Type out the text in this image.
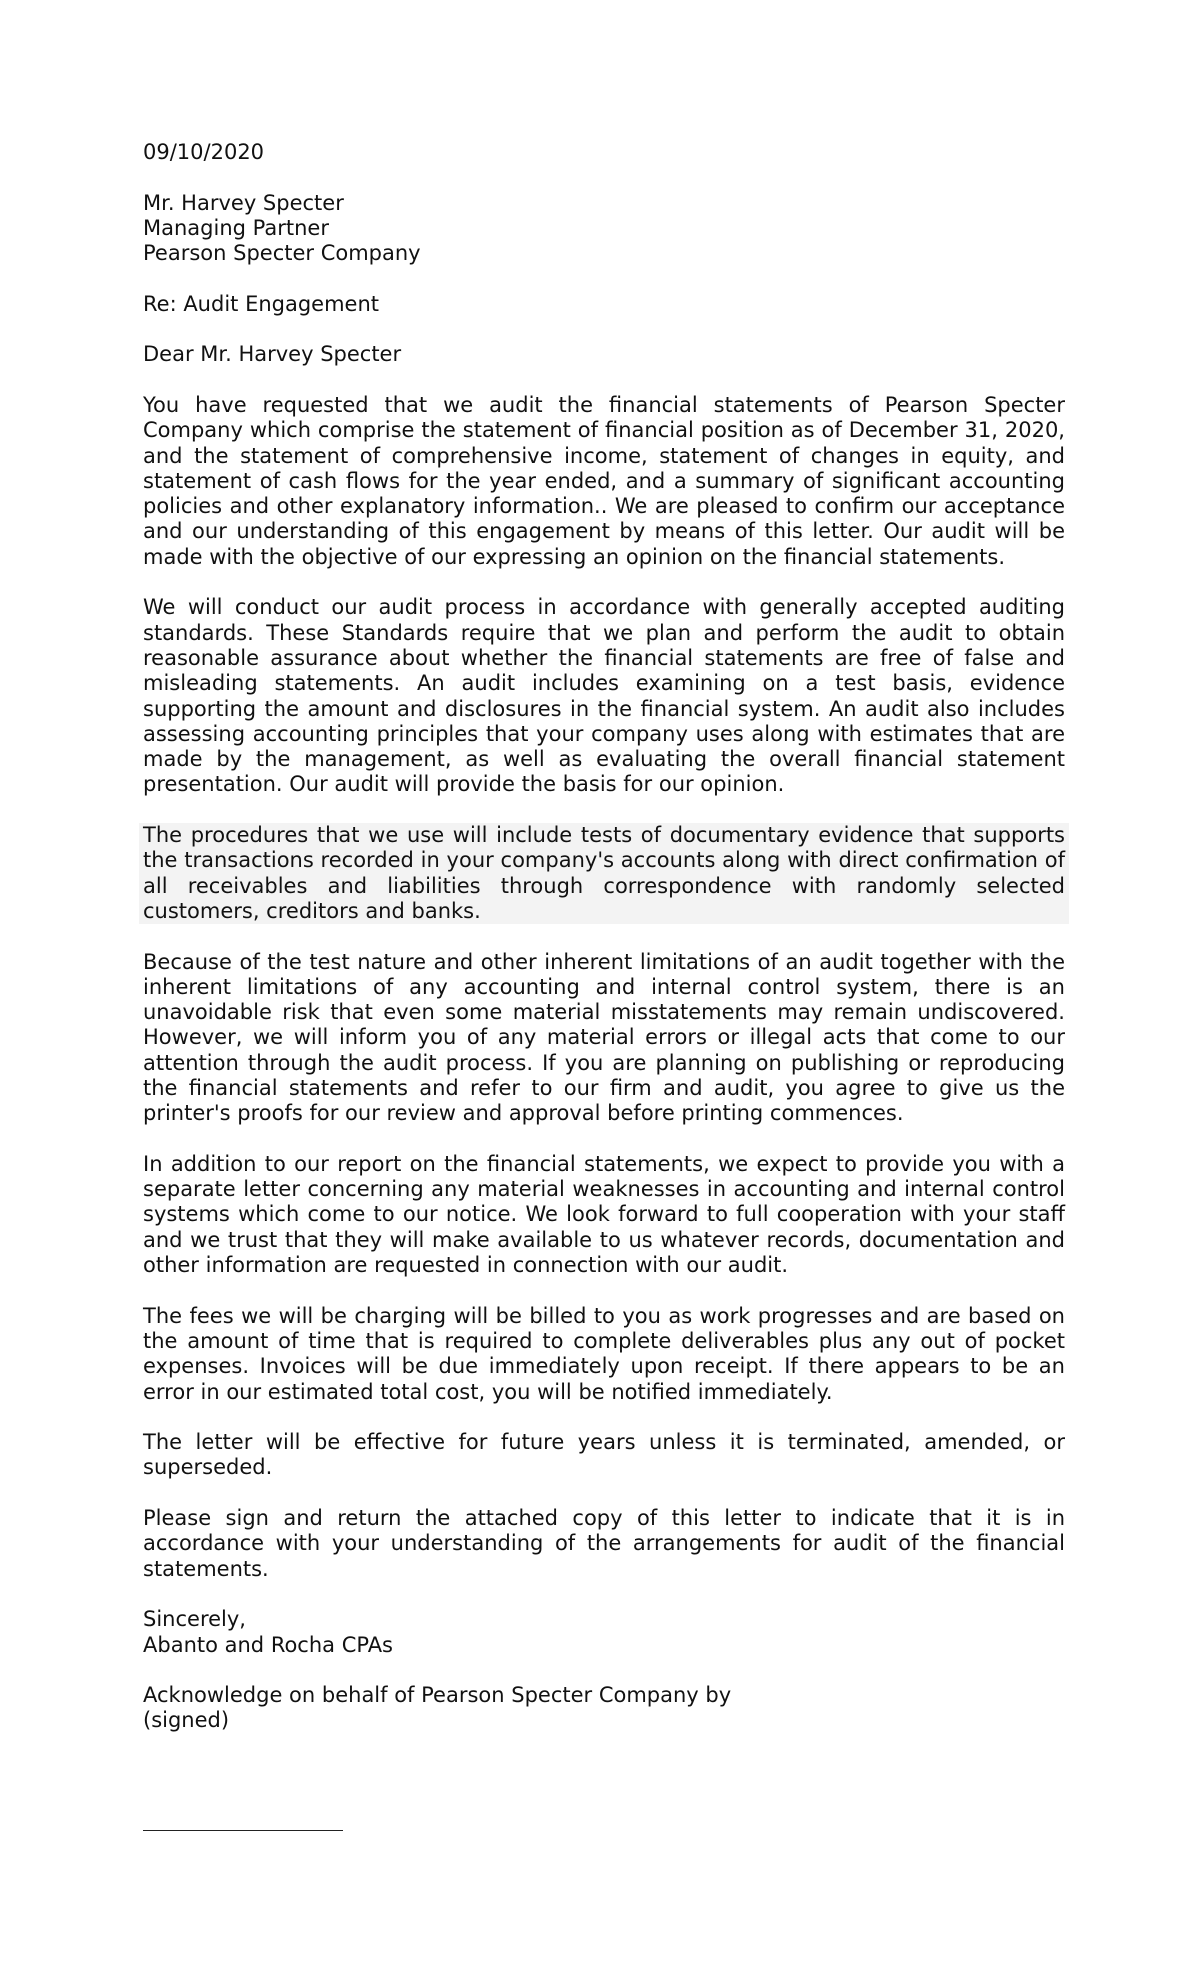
09/10/2020
Mr. Harvey Specter
Managing Partner
Pearson Specter Company
Re: Audit Engagement
Dear Mr. Harvey Specter
You have requested that we audit the financial statements of Pearson Specter Company which comprise the statement of financial position as of December 31, 2020, and the statement of comprehensive income, statement of changes in equity, and statement of cash flows for the year ended, and a summary of significant accounting policies and other explanatory information.. We are pleased to confirm our acceptance and our understanding of this engagement by means of this letter. Our audit will be made with the objective of our expressing an opinion on the financial statements.
We will conduct our audit process in accordance with generally accepted auditing standards. These Standards require that we plan and perform the audit to obtain reasonable assurance about whether the financial statements are free of false and misleading statements. An audit includes examining on a test basis, evidence supporting the amount and disclosures in the financial system. An audit also includes assessing accounting principles that your company uses along with estimates that are made by the management, as well as evaluating the overall financial statement presentation. Our audit will provide the basis for our opinion.
The procedures that we use will include tests of documentary evidence that supports the transactions recorded in your company's accounts along with direct confirmation of all receivables and liabilities through correspondence with randomly selected customers, creditors and banks.
Because of the test nature and other inherent limitations of an audit together with the inherent limitations of any accounting and internal control system, there is an unavoidable risk that even some material misstatements may remain undiscovered. However, we will inform you of any material errors or illegal acts that come to our attention through the audit process. If you are planning on publishing or reproducing the financial statements and refer to our firm and audit, you agree to give us the printer's proofs for our review and approval before printing commences.
In addition to our report on the financial statements, we expect to provide you with a separate letter concerning any material weaknesses in accounting and internal control systems which come to our notice. We look forward to full cooperation with your staff and we trust that they will make available to us whatever records, documentation and other information are requested in connection with our audit.
The fees we will be charging will be billed to you as work progresses and are based on the amount of time that is required to complete deliverables plus any out of pocket expenses. Invoices will be due immediately upon receipt. If there appears to be an error in our estimated total cost, you will be notified immediately.
The letter will be effective for future years unless it is terminated, amended, or superseded.
Please sign and return the attached copy of this letter to indicate that it is in accordance with your understanding of the arrangements for audit of the financial statements.
Sincerely,
Abanto and Rocha CPAs
Acknowledge on behalf of Pearson Specter Company by
(signed)
